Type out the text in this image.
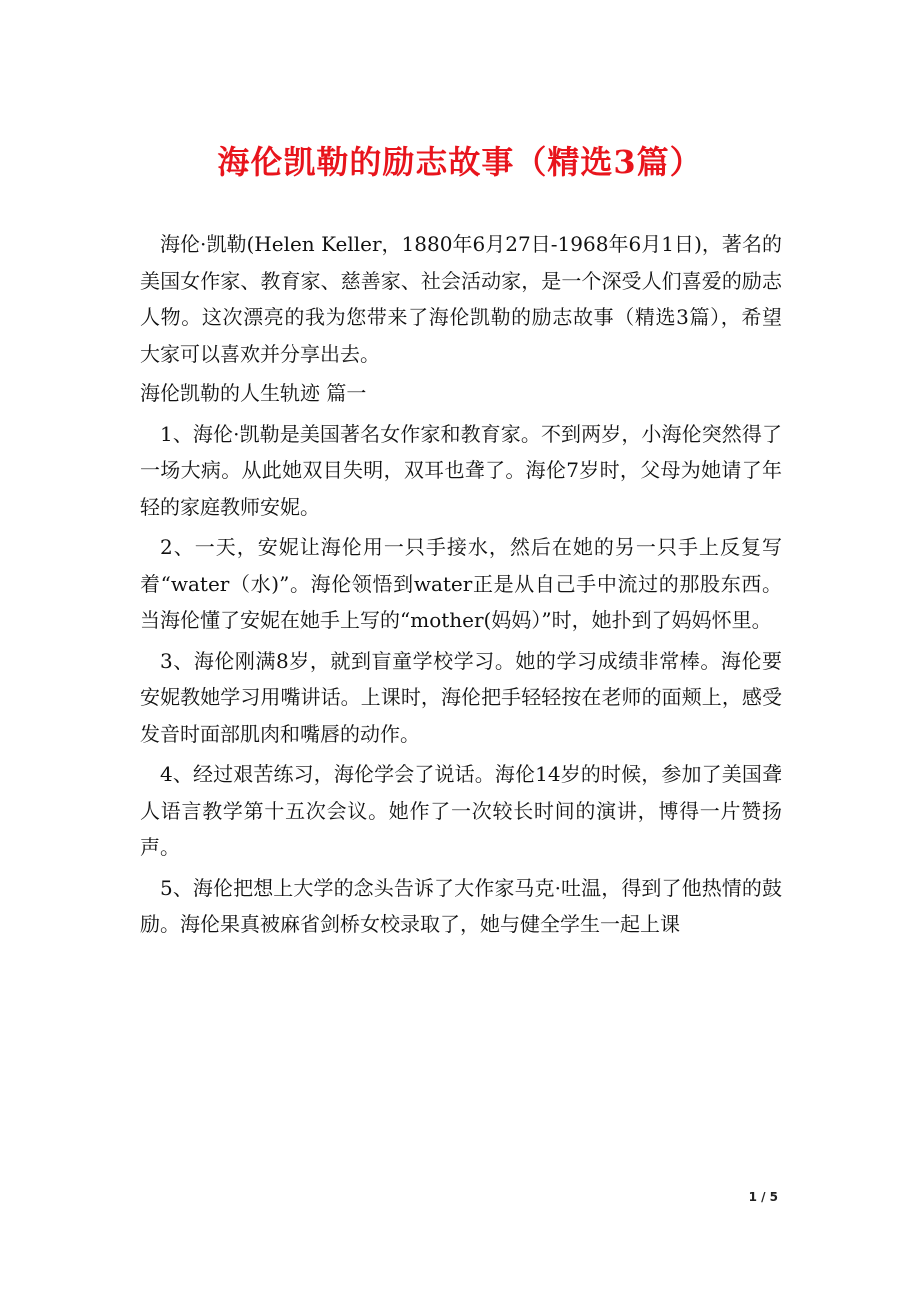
海伦凯勒的励志故事（精选3篇）

海伦·凯勒(Helen Keller，1880年6月27日-1968年6月1日)，著名的美国女作家、教育家、慈善家、社会活动家，是一个深受人们喜爱的励志人物。这次漂亮的我为您带来了海伦凯勒的励志故事（精选3篇），希望大家可以喜欢并分享出去。

海伦凯勒的人生轨迹 篇一

1、海伦·凯勒是美国著名女作家和教育家。不到两岁，小海伦突然得了一场大病。从此她双目失明，双耳也聋了。海伦7岁时，父母为她请了年轻的家庭教师安妮。

2、一天，安妮让海伦用一只手接水，然后在她的另一只手上反复写着“water（水)”。海伦领悟到water正是从自己手中流过的那股东西。当海伦懂了安妮在她手上写的“mother(妈妈）”时，她扑到了妈妈怀里。

3、海伦刚满8岁，就到盲童学校学习。她的学习成绩非常棒。海伦要安妮教她学习用嘴讲话。上课时，海伦把手轻轻按在老师的面颊上，感受发音时面部肌肉和嘴唇的动作。

4、经过艰苦练习，海伦学会了说话。海伦14岁的时候，参加了美国聋人语言教学第十五次会议。她作了一次较长时间的演讲，博得一片赞扬声。

5、海伦把想上大学的念头告诉了大作家马克·吐温，得到了他热情的鼓励。海伦果真被麻省剑桥女校录取了，她与健全学生一起上课

1 / 5
